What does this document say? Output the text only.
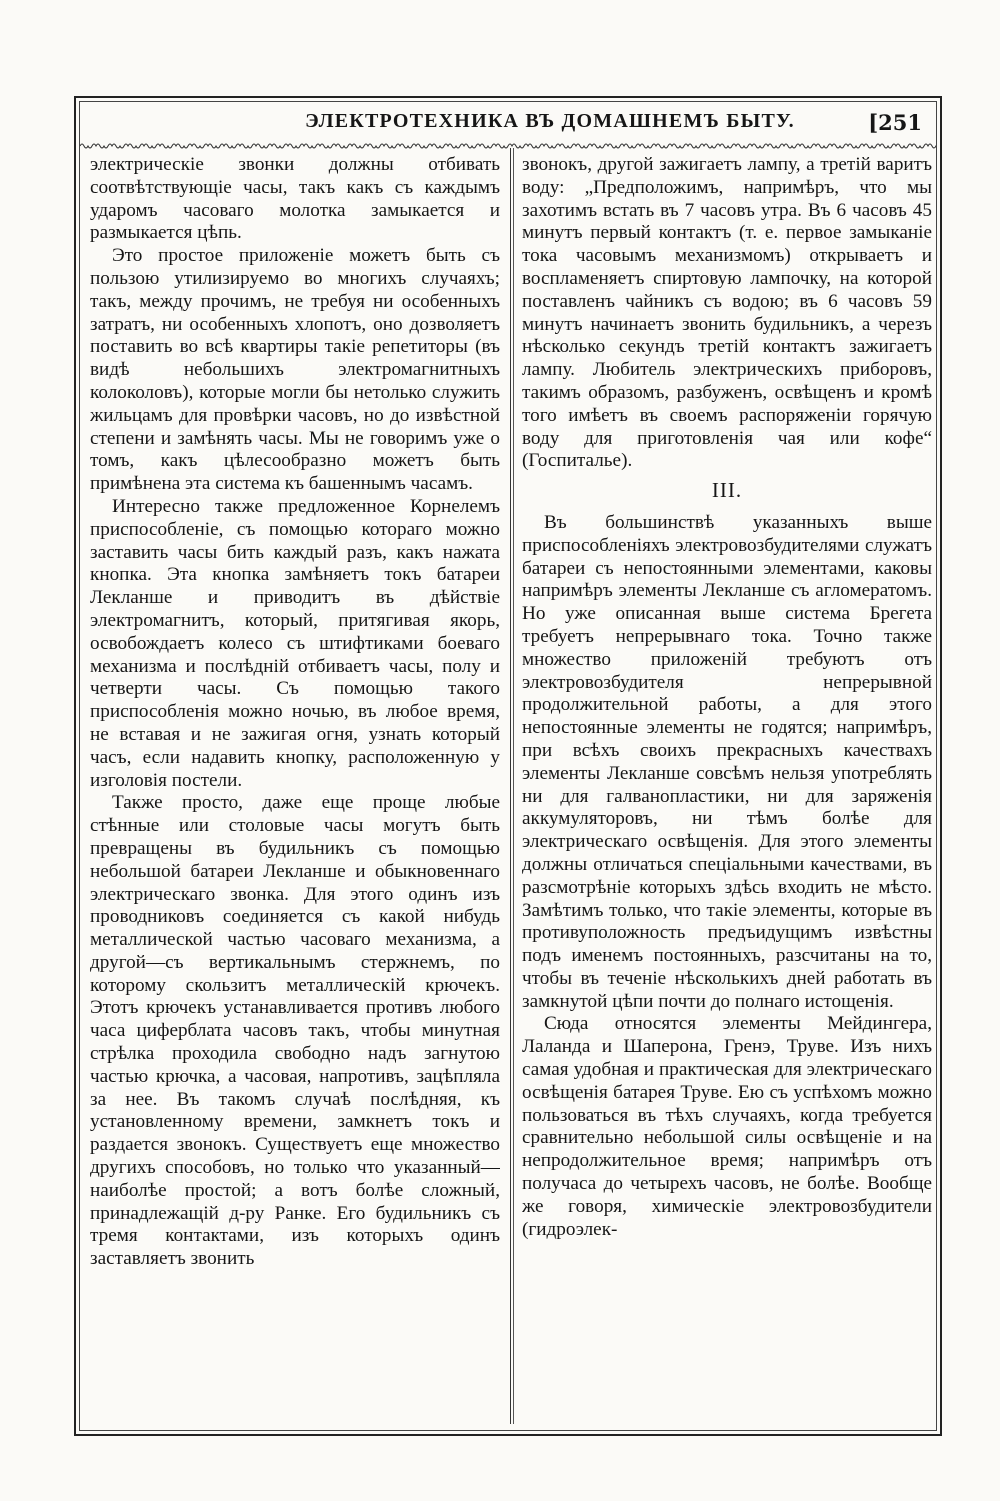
ЭЛЕКТРОТЕХНИКА ВЪ ДОМАШНЕМЪ БЫТУ.	[251

электрическіе звонки должны отбивать соотвѣтствующіе часы, такъ какъ съ каждымъ ударомъ часоваго молотка замыкается и размыкается цѣпь.

Это простое приложеніе можетъ быть съ пользою утилизируемо во многихъ случаяхъ; такъ, между прочимъ, не требуя ни особенныхъ затратъ, ни особенныхъ хлопотъ, оно дозволяетъ поставить во всѣ квартиры такіе репетиторы (въ видѣ небольшихъ электромагнитныхъ колоколовъ), которые могли бы нетолько служить жильцамъ для провѣрки часовъ, но до извѣстной степени и замѣнять часы. Мы не говоримъ уже о томъ, какъ цѣлесообразно можетъ быть примѣнена эта система къ башеннымъ часамъ.

Интересно также предложенное Корнелемъ приспособленіе, съ помощью котораго можно заставить часы бить каждый разъ, какъ нажата кнопка. Эта кнопка замѣняетъ токъ батареи Лекланше и приводитъ въ дѣйствіе электромагнитъ, который, притягивая якорь, освобождаетъ колесо съ штифтиками боеваго механизма и послѣдній отбиваетъ часы, полу и четверти часы. Съ помощью такого приспособленія можно ночью, въ любое время, не вставая и не зажигая огня, узнать который часъ, если надавить кнопку, расположенную у изголовія постели.

Также просто, даже еще проще любые стѣнные или столовые часы могутъ быть превращены въ будильникъ съ помощью небольшой батареи Лекланше и обыкновеннаго электрическаго звонка. Для этого одинъ изъ проводниковъ соединяется съ какой нибудь металлической частью часоваго механизма, а другой—съ вертикальнымъ стержнемъ, по которому скользитъ металлическій крючекъ. Этотъ крючекъ устанавливается противъ любого часа циферблата часовъ такъ, чтобы минутная стрѣлка проходила свободно надъ загнутою частью крючка, а часовая, напротивъ, зацѣпляла за нее. Въ такомъ случаѣ послѣдняя, къ установленному времени, замкнетъ токъ и раздается звонокъ. Существуетъ еще множество другихъ способовъ, но только что указанный—наиболѣе простой; а вотъ болѣе сложный, принадлежащій д-ру Ранке. Его будильникъ съ тремя контактами, изъ которыхъ одинъ заставляетъ звонить

звонокъ, другой зажигаетъ лампу, а третій варитъ воду: „Предположимъ, напримѣръ, что мы захотимъ встать въ 7 часовъ утра. Въ 6 часовъ 45 минутъ первый контактъ (т. е. первое замыканіе тока часовымъ механизмомъ) открываетъ и воспламеняетъ спиртовую лампочку, на которой поставленъ чайникъ съ водою; въ 6 часовъ 59 минутъ начинаетъ звонить будильникъ, а черезъ нѣсколько секундъ третій контактъ зажигаетъ лампу. Любитель электрическихъ приборовъ, такимъ образомъ, разбуженъ, освѣщенъ и кромѣ того имѣетъ въ своемъ распоряженіи горячую воду для приготовленія чая или кофе“ (Госпиталье).

III.

Въ большинствѣ указанныхъ выше приспособленіяхъ электровозбудителями служатъ батареи съ непостоянными элементами, каковы напримѣръ элементы Лекланше съ агломератомъ. Но уже описанная выше система Брегета требуетъ непрерывнаго тока. Точно также множество приложеній требуютъ отъ электровозбудителя непрерывной продолжительной работы, а для этого непостоянные элементы не годятся; напримѣръ, при всѣхъ своихъ прекрасныхъ качествахъ элементы Лекланше совсѣмъ нельзя употреблять ни для галванопластики, ни для заряженія аккумуляторовъ, ни тѣмъ болѣе для электрическаго освѣщенія. Для этого элементы должны отличаться спеціальными качествами, въ разсмотрѣніе которыхъ здѣсь входить не мѣсто. Замѣтимъ только, что такіе элементы, которые въ противуположность предъидущимъ извѣстны подъ именемъ постоянныхъ, разсчитаны на то, чтобы въ теченіе нѣсколькихъ дней работать въ замкнутой цѣпи почти до полнаго истощенія.

Сюда относятся элементы Мейдингера, Лаланда и Шаперона, Гренэ, Труве. Изъ нихъ самая удобная и практическая для электрическаго освѣщенія батарея Труве. Ею съ успѣхомъ можно пользоваться въ тѣхъ случаяхъ, когда требуется сравнительно небольшой силы освѣщеніе и на непродолжительное время; напримѣръ отъ получаса до четырехъ часовъ, не болѣе. Вообще же говоря, химическіе электровозбудители (гидроэлек-
